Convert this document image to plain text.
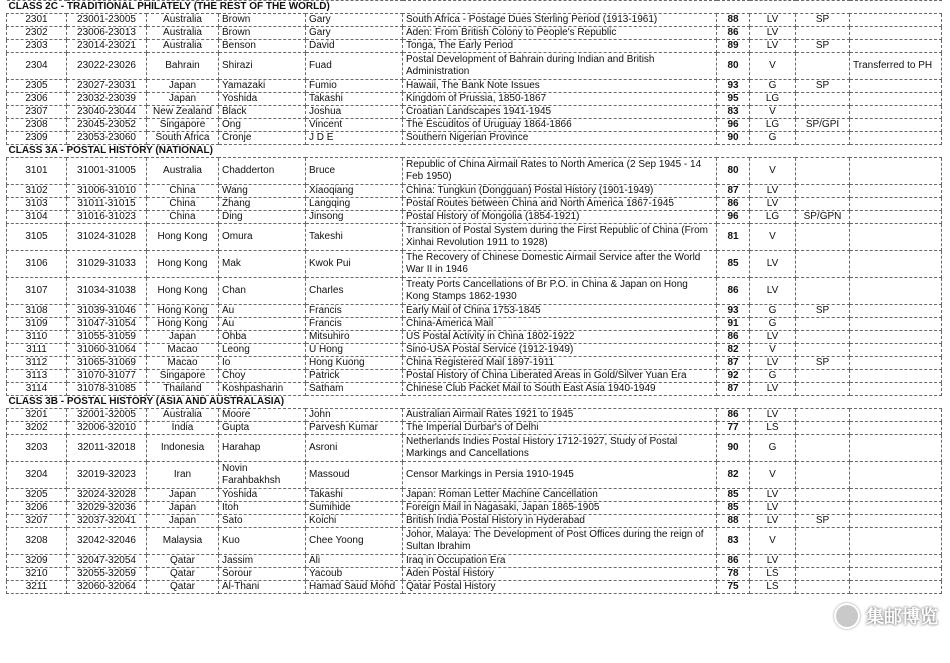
CLASS 2C - TRADITIONAL PHILATELY (THE REST OF THE WORLD)									
2301	23001-23005	Australia	Brown	Gary	South Africa - Postage Dues Sterling Period (1913-1961)	88	LV	SP	
2302	23006-23013	Australia	Brown	Gary	Aden: From British Colony to People's Republic	86	LV		
2303	23014-23021	Australia	Benson	David	Tonga, The Early Period	89	LV	SP	
2304	23022-23026	Bahrain	Shirazi	Fuad	Postal Development of Bahrain during Indian and British Administration	80	V		Transferred to PH
2305	23027-23031	Japan	Yamazaki	Fumio	Hawaii, The Bank Note Issues	93	G	SP	
2306	23032-23039	Japan	Yoshida	Takashi	Kingdom of Prussia, 1850-1867	95	LG		
2307	23040-23044	New Zealand	Black	Joshua	Croatian Landscapes 1941-1945	83	V		
2308	23045-23052	Singapore	Ong	Vincent	The Escuditos of Uruguay 1864-1866	96	LG	SP/GPI	
2309	23053-23060	South Africa	Cronje	J D E	Southern Nigerian Province	90	G		
CLASS 3A - POSTAL HISTORY (NATIONAL)									
3101	31001-31005	Australia	Chadderton	Bruce	Republic of China Airmail Rates to North America (2 Sep 1945 - 14 Feb 1950)	80	V		
3102	31006-31010	China	Wang	Xiaoqiang	China: Tungkun (Dongguan) Postal History (1901-1949)	87	LV		
3103	31011-31015	China	Zhang	Langqing	Postal Routes between China and North America 1867-1945	86	LV		
3104	31016-31023	China	Ding	Jinsong	Postal History of Mongolia (1854-1921)	96	LG	SP/GPN	
3105	31024-31028	Hong Kong	Omura	Takeshi	Transition of Postal System during the First Republic of China (From Xinhai Revolution 1911 to 1928)	81	V		
3106	31029-31033	Hong Kong	Mak	Kwok Pui	The Recovery of Chinese Domestic Airmail Service after the World War II in 1946	85	LV		
3107	31034-31038	Hong Kong	Chan	Charles	Treaty Ports Cancellations of Br P.O. in China & Japan on Hong Kong Stamps 1862-1930	86	LV		
3108	31039-31046	Hong Kong	Au	Francis	Early Mail of China 1753-1845	93	G	SP	
3109	31047-31054	Hong Kong	Au	Francis	China-America Mail	91	G		
3110	31055-31059	Japan	Ohba	Mitsuhiro	US Postal Activity in China 1802-1922	86	LV		
3111	31060-31064	Macao	Leong	U Hong	Sino-USA Postal Service (1912-1949)	82	V		
3112	31065-31069	Macao	Io	Hong Kuong	China Registered Mail 1897-1911	87	LV	SP	
3113	31070-31077	Singapore	Choy	Patrick	Postal History of China Liberated Areas in Gold/Silver Yuan Era	92	G		
3114	31078-31085	Thailand	Koshpasharin	Satham	Chinese Club Packet Mail to South East Asia 1940-1949	87	LV		
CLASS 3B - POSTAL HISTORY (ASIA AND AUSTRALASIA)									
3201	32001-32005	Australia	Moore	John	Australian Airmail Rates 1921 to 1945	86	LV		
3202	32006-32010	India	Gupta	Parvesh Kumar	The Imperial Durbar's of Delhi	77	LS		
3203	32011-32018	Indonesia	Harahap	Asroni	Netherlands Indies Postal History 1712-1927, Study of Postal Markings and Cancellations	90	G		
3204	32019-32023	Iran	Novin Farahbakhsh	Massoud	Censor Markings in Persia 1910-1945	82	V		
3205	32024-32028	Japan	Yoshida	Takashi	Japan: Roman Letter Machine Cancellation	85	LV		
3206	32029-32036	Japan	Itoh	Sumihide	Foreign Mail in Nagasaki, Japan 1865-1905	85	LV		
3207	32037-32041	Japan	Sato	Koichi	British India Postal History in Hyderabad	88	LV	SP	
3208	32042-32046	Malaysia	Kuo	Chee Yoong	Johor, Malaya: The Development of Post Offices during the reign of Sultan Ibrahim	83	V		
3209	32047-32054	Qatar	Jassim	Ali	Iraq in Occupation Era	86	LV		
3210	32055-32059	Qatar	Sorour	Yacoub	Aden Postal History	78	LS		
3211	32060-32064	Qatar	Al-Thani	Hamad Saud Mohd	Qatar Postal History	75	LS		
集邮博览
